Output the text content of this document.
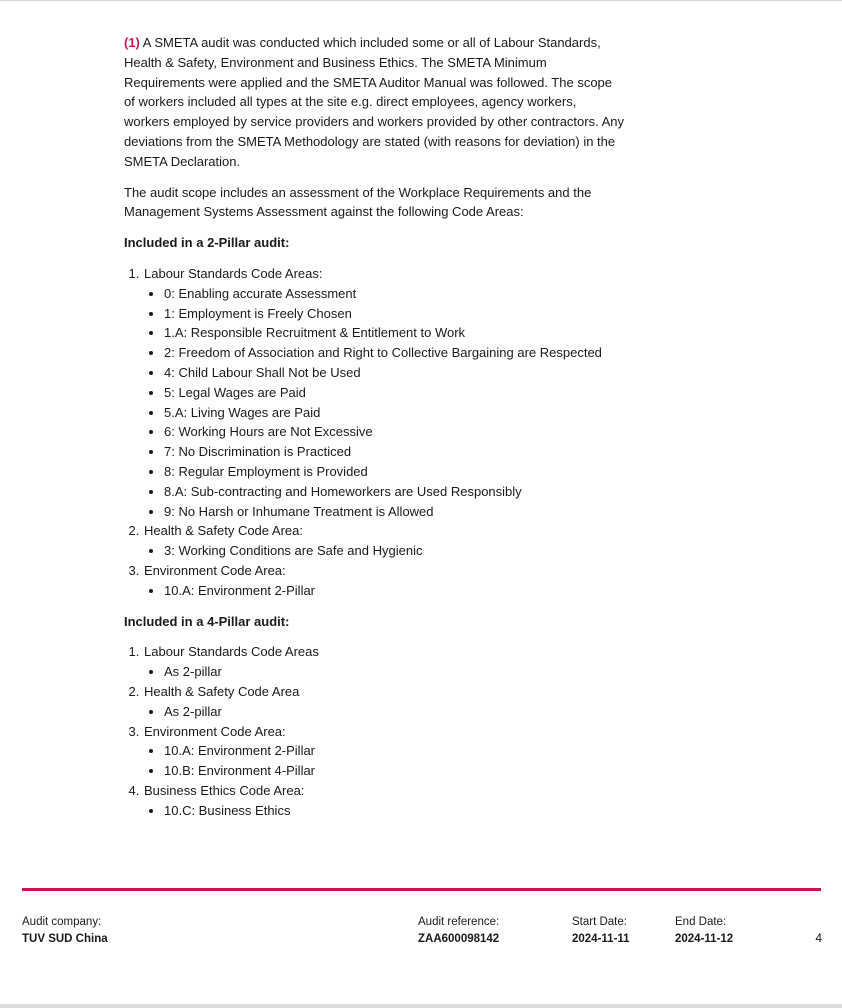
(1) A SMETA audit was conducted which included some or all of Labour Standards, Health & Safety, Environment and Business Ethics. The SMETA Minimum Requirements were applied and the SMETA Auditor Manual was followed. The scope of workers included all types at the site e.g. direct employees, agency workers, workers employed by service providers and workers provided by other contractors. Any deviations from the SMETA Methodology are stated (with reasons for deviation) in the SMETA Declaration.

The audit scope includes an assessment of the Workplace Requirements and the Management Systems Assessment against the following Code Areas:

Included in a 2-Pillar audit:
1. Labour Standards Code Areas:
• 0: Enabling accurate Assessment
• 1: Employment is Freely Chosen
• 1.A: Responsible Recruitment & Entitlement to Work
• 2: Freedom of Association and Right to Collective Bargaining are Respected
• 4: Child Labour Shall Not be Used
• 5: Legal Wages are Paid
• 5.A: Living Wages are Paid
• 6: Working Hours are Not Excessive
• 7: No Discrimination is Practiced
• 8: Regular Employment is Provided
• 8.A: Sub-contracting and Homeworkers are Used Responsibly
• 9: No Harsh or Inhumane Treatment is Allowed
2. Health & Safety Code Area:
• 3: Working Conditions are Safe and Hygienic
3. Environment Code Area:
• 10.A: Environment 2-Pillar
Included in a 4-Pillar audit:
1. Labour Standards Code Areas
• As 2-pillar
2. Health & Safety Code Area
• As 2-pillar
3. Environment Code Area:
• 10.A: Environment 2-Pillar
• 10.B: Environment 4-Pillar
4. Business Ethics Code Area:
• 10.C: Business Ethics
Audit company:
TUV SUD China
Audit reference:
ZAA600098142
Start Date:
2024-11-11
End Date:
2024-11-12	4
